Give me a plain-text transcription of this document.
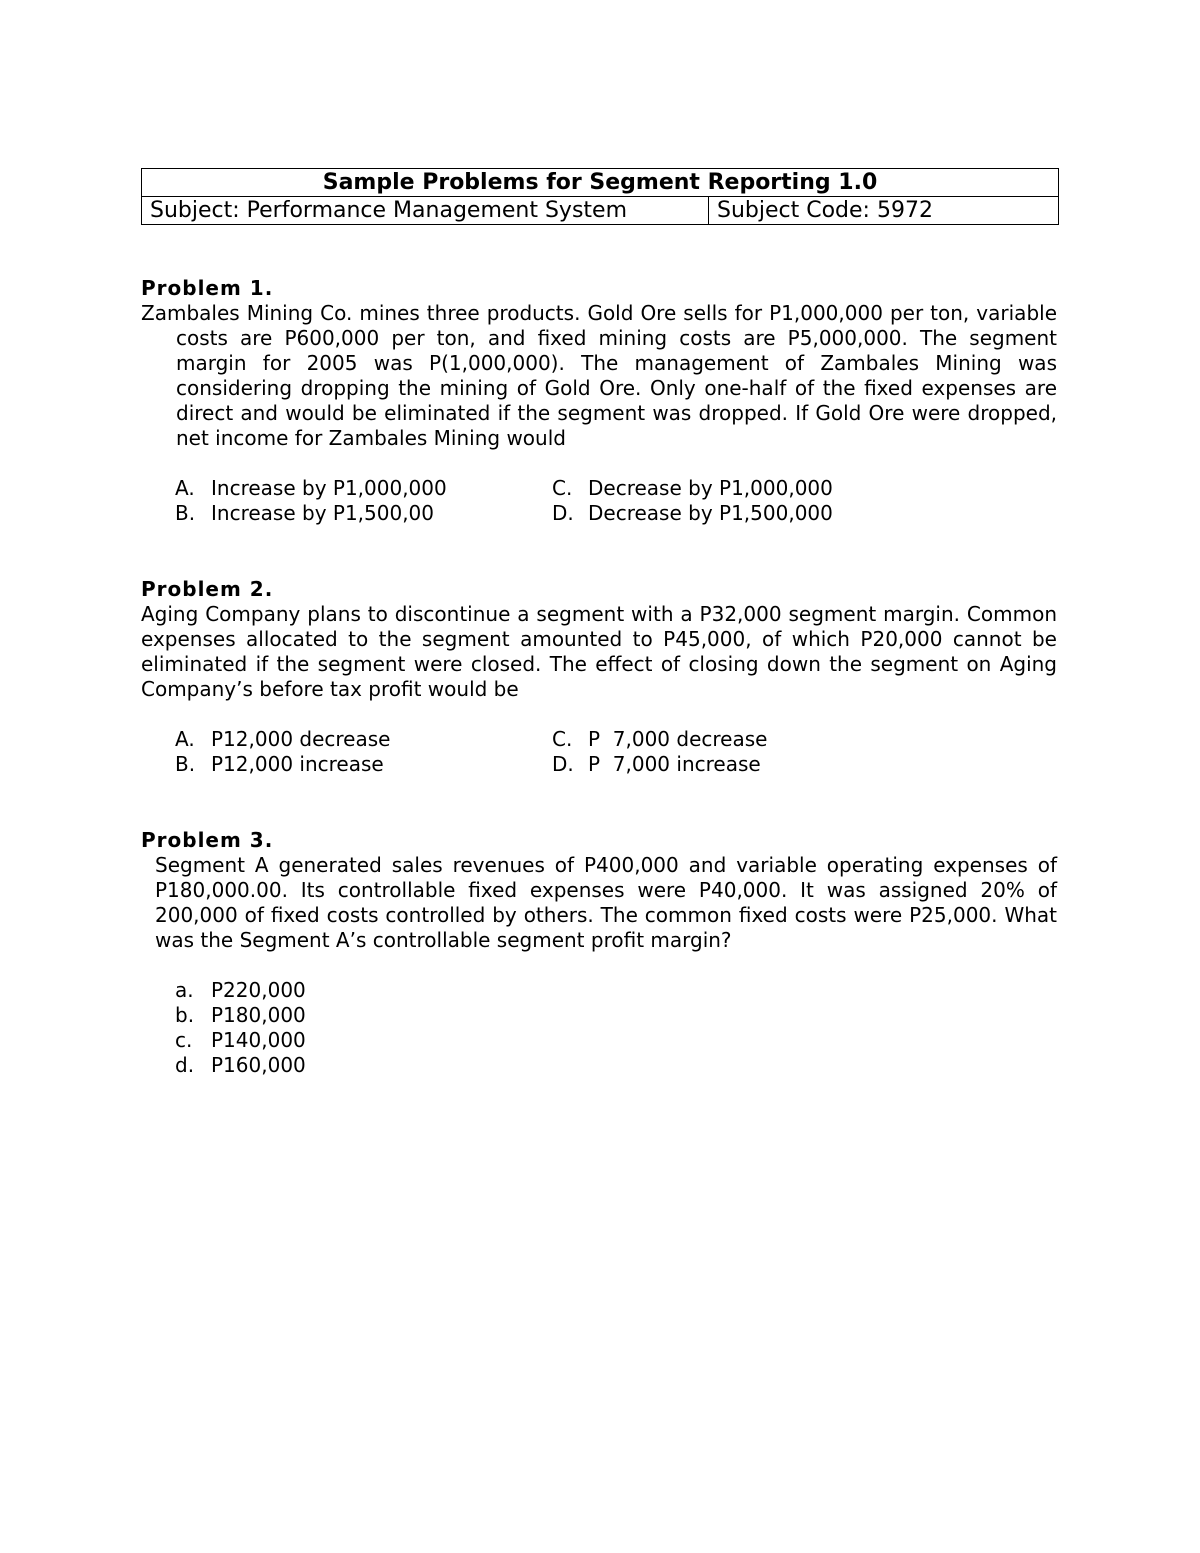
Sample Problems for Segment Reporting 1.0
Subject: Performance Management System	Subject Code: 5972

Problem 1.

Zambales Mining Co. mines three products. Gold Ore sells for P1,000,000 per ton, variable costs are P600,000 per ton, and fixed mining costs are P5,000,000. The segment margin for 2005 was P(1,000,000). The management of Zambales Mining was considering dropping the mining of Gold Ore. Only one-half of the fixed expenses are direct and would be eliminated if the segment was dropped. If Gold Ore were dropped, net income for Zambales Mining would

A. Increase by P1,000,000
B. Increase by P1,500,00
C. Decrease by P1,000,000
D. Decrease by P1,500,000

Problem 2.

Aging Company plans to discontinue a segment with a P32,000 segment margin. Common expenses allocated to the segment amounted to P45,000, of which P20,000 cannot be eliminated if the segment were closed. The effect of closing down the segment on Aging Company’s before tax profit would be

A. P12,000 decrease
B. P12,000 increase
C. P  7,000 decrease
D. P  7,000 increase

Problem 3.

Segment A generated sales revenues of P400,000 and variable operating expenses of P180,000.00. Its controllable fixed expenses were P40,000. It was assigned 20% of 200,000 of fixed costs controlled by others. The common fixed costs were P25,000. What was the Segment A’s controllable segment profit margin?

a. P220,000
b. P180,000
c. P140,000
d. P160,000
